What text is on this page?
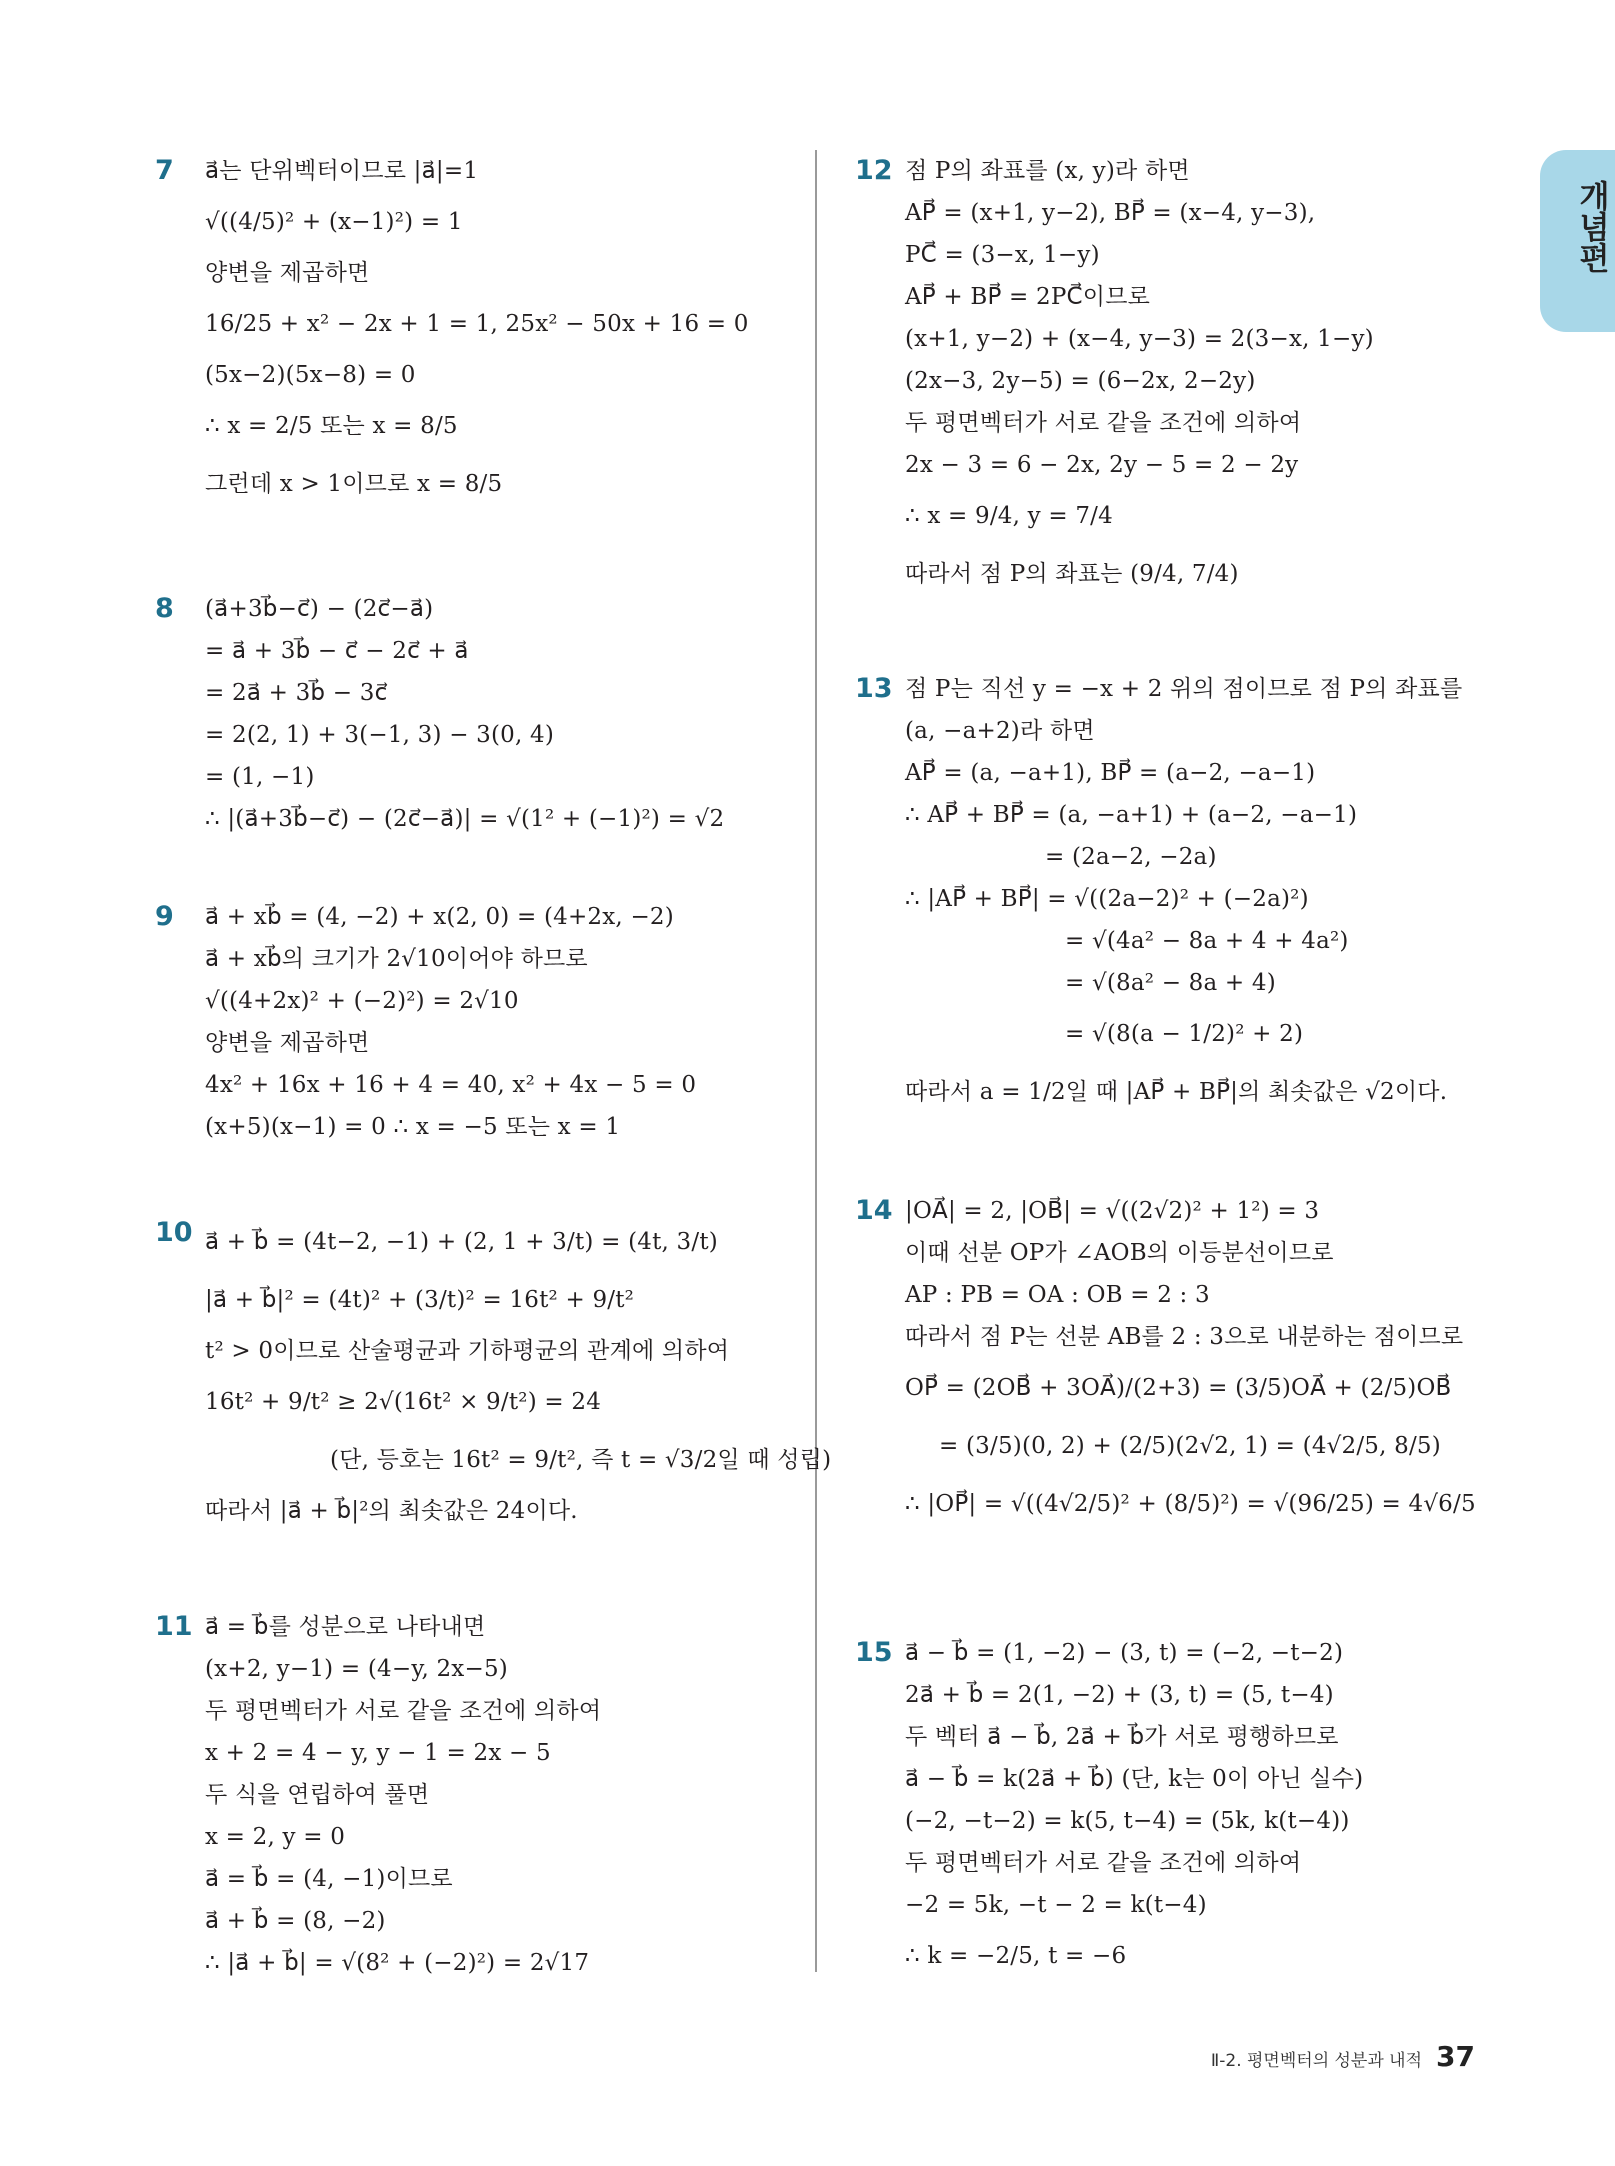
개념편
7 a⃗는 단위벡터이므로 |a⃗|=1
√((4/5)² + (x−1)²) = 1
양변을 제곱하면
16/25 + x² − 2x + 1 = 1, 25x² − 50x + 16 = 0
(5x−2)(5x−8) = 0
∴ x = 2/5 또는 x = 8/5
그런데 x > 1이므로 x = 8/5
8 (a⃗+3b⃗−c⃗) − (2c⃗−a⃗)
= a⃗ + 3b⃗ − c⃗ − 2c⃗ + a⃗
= 2a⃗ + 3b⃗ − 3c⃗
= 2(2, 1) + 3(−1, 3) − 3(0, 4)
= (1, −1)
∴ |(a⃗+3b⃗−c⃗) − (2c⃗−a⃗)| = √(1² + (−1)²) = √2
9 a⃗ + xb⃗ = (4, −2) + x(2, 0) = (4+2x, −2)
a⃗ + xb⃗의 크기가 2√10이어야 하므로
√((4+2x)² + (−2)²) = 2√10
양변을 제곱하면
4x² + 16x + 16 + 4 = 40, x² + 4x − 5 = 0
(x+5)(x−1) = 0 ∴ x = −5 또는 x = 1
10 a⃗ + b⃗ = (4t−2, −1) + (2, 1 + 3/t) = (4t, 3/t)
|a⃗ + b⃗|² = (4t)² + (3/t)² = 16t² + 9/t²
t² > 0이므로 산술평균과 기하평균의 관계에 의하여
16t² + 9/t² ≥ 2√(16t² × 9/t²) = 24
(단, 등호는 16t² = 9/t², 즉 t = √3/2일 때 성립)
따라서 |a⃗ + b⃗|²의 최솟값은 24이다.
11 a⃗ = b⃗를 성분으로 나타내면
(x+2, y−1) = (4−y, 2x−5)
두 평면벡터가 서로 같을 조건에 의하여
x + 2 = 4 − y, y − 1 = 2x − 5
두 식을 연립하여 풀면
x = 2, y = 0
a⃗ = b⃗ = (4, −1)이므로
a⃗ + b⃗ = (8, −2)
∴ |a⃗ + b⃗| = √(8² + (−2)²) = 2√17
12 점 P의 좌표를 (x, y)라 하면
AP⃗ = (x+1, y−2), BP⃗ = (x−4, y−3),
PC⃗ = (3−x, 1−y)
AP⃗ + BP⃗ = 2PC⃗이므로
(x+1, y−2) + (x−4, y−3) = 2(3−x, 1−y)
(2x−3, 2y−5) = (6−2x, 2−2y)
두 평면벡터가 서로 같을 조건에 의하여
2x − 3 = 6 − 2x, 2y − 5 = 2 − 2y
∴ x = 9/4, y = 7/4
따라서 점 P의 좌표는 (9/4, 7/4)
13 점 P는 직선 y = −x + 2 위의 점이므로 점 P의 좌표를
(a, −a+2)라 하면
AP⃗ = (a, −a+1), BP⃗ = (a−2, −a−1)
∴ AP⃗ + BP⃗ = (a, −a+1) + (a−2, −a−1)
= (2a−2, −2a)
∴ |AP⃗ + BP⃗| = √((2a−2)² + (−2a)²)
= √(4a² − 8a + 4 + 4a²)
= √(8a² − 8a + 4)
= √(8(a − 1/2)² + 2)
따라서 a = 1/2일 때 |AP⃗ + BP⃗|의 최솟값은 √2이다.
14 |OA⃗| = 2, |OB⃗| = √((2√2)² + 1²) = 3
이때 선분 OP가 ∠AOB의 이등분선이므로
AP : PB = OA : OB = 2 : 3
따라서 점 P는 선분 AB를 2 : 3으로 내분하는 점이므로
OP⃗ = (2OB⃗ + 3OA⃗)/(2+3) = (3/5)OA⃗ + (2/5)OB⃗
= (3/5)(0, 2) + (2/5)(2√2, 1) = (4√2/5, 8/5)
∴ |OP⃗| = √((4√2/5)² + (8/5)²) = √(96/25) = 4√6/5
15 a⃗ − b⃗ = (1, −2) − (3, t) = (−2, −t−2)
2a⃗ + b⃗ = 2(1, −2) + (3, t) = (5, t−4)
두 벡터 a⃗ − b⃗, 2a⃗ + b⃗가 서로 평행하므로
a⃗ − b⃗ = k(2a⃗ + b⃗) (단, k는 0이 아닌 실수)
(−2, −t−2) = k(5, t−4) = (5k, k(t−4))
두 평면벡터가 서로 같을 조건에 의하여
−2 = 5k, −t − 2 = k(t−4)
∴ k = −2/5, t = −6
Ⅱ-2. 평면벡터의 성분과 내적 37
